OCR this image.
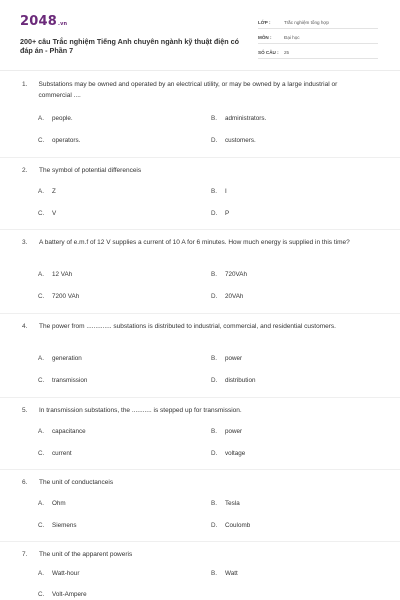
2048 .vn
200+ câu Trắc nghiệm Tiếng Anh chuyên ngành kỹ thuật điện có đáp án - Phần 7
LỚP :	Trắc nghiệm tổng hợp
MÔN :	Đại học
SỐ CÂU :	25
1.	Substations may be owned and operated by an electrical utility, or may be owned by a large industrial or commercial ....
A.	people.	B.	administrators.
C.	operators.	D.	customers.
2.	The symbol of potential differenceis
A.	Z	B.	I
C.	V	D.	P
3.	A battery of e.m.f of 12 V supplies a current of 10 A for 6 minutes. How much energy is supplied in this time?
A.	12 VAh	B.	720VAh
C.	7200 VAh	D.	20VAh
4.	The power from .............. substations is distributed to industrial, commercial, and residential customers.
A.	generation	B.	power
C.	transmission	D.	distribution
5.	In transmission substations, the ........... is stepped up for transmission.
A.	capacitance	B.	power
C.	current	D.	voltage
6.	The unit of conductanceis
A.	Ohm	B.	Tesla
C.	Siemens	D.	Coulomb
7.	The unit of the apparent poweris
A.	Watt-hour	B.	Watt
C.	Volt-Ampere
